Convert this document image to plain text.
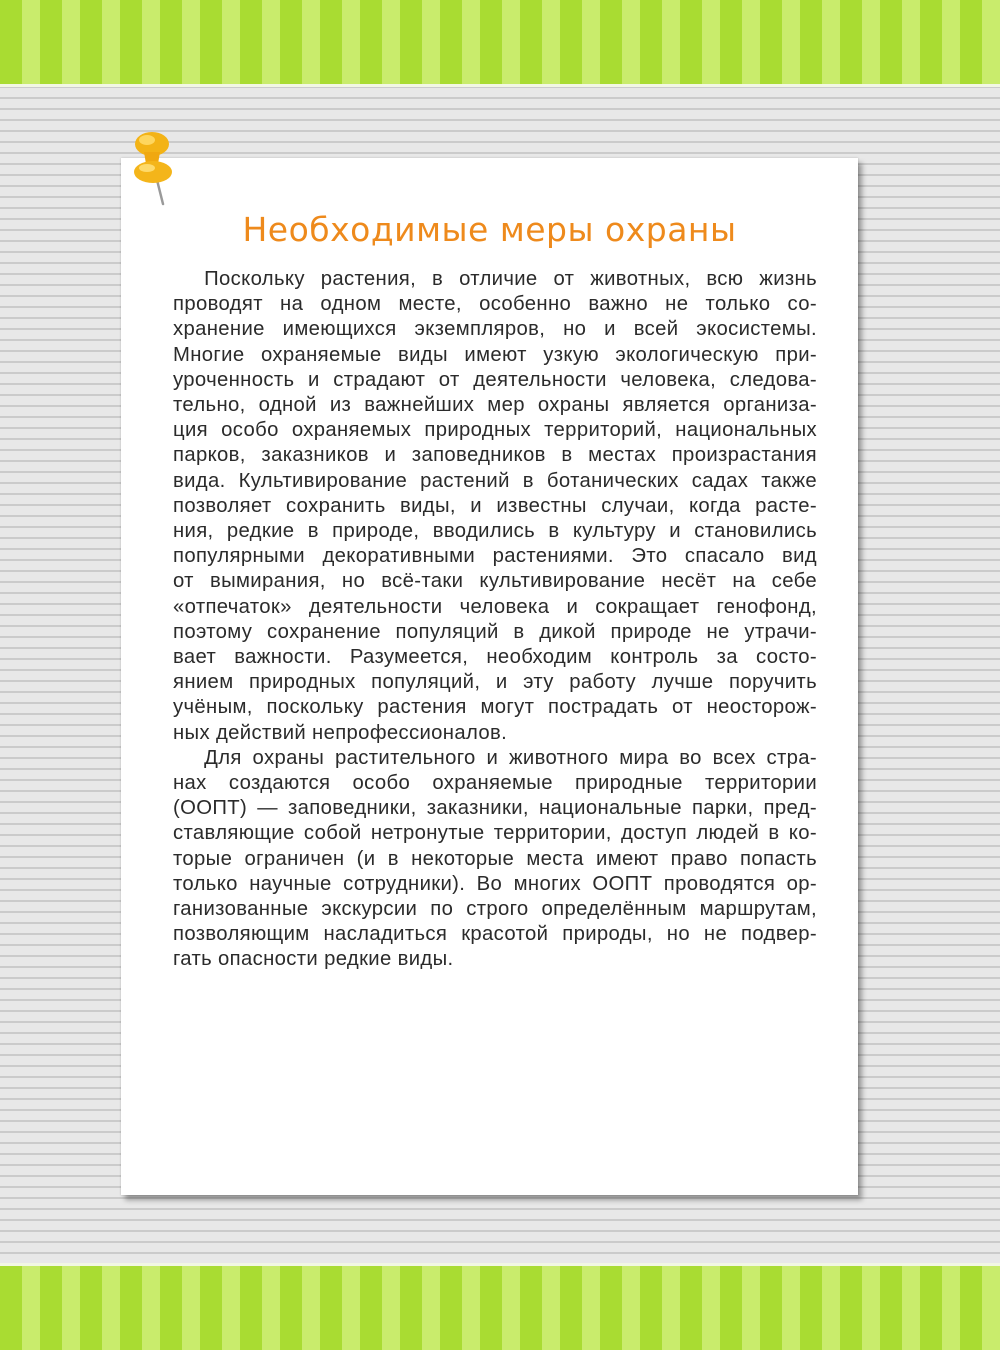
Необходимые меры охраны
  Поскольку растения, в отличие от животных, всю жизнь
проводят на одном месте, особенно важно не только со-
хранение имеющихся экземпляров, но и всей экосистемы.
Многие охраняемые виды имеют узкую экологическую при-
уроченность и страдают от деятельности человека, следова-
тельно, одной из важнейших мер охраны является организа-
ция особо охраняемых природных территорий, национальных
парков, заказников и заповедников в местах произрастания
вида. Культивирование растений в ботанических садах также
позволяет сохранить виды, и известны случаи, когда расте-
ния, редкие в природе, вводились в культуру и становились
популярными декоративными растениями. Это спасало вид
от вымирания, но всё-таки культивирование несёт на себе
«отпечаток» деятельности человека и сокращает генофонд,
поэтому сохранение популяций в дикой природе не утрачи-
вает важности. Разумеется, необходим контроль за состо-
янием природных популяций, и эту работу лучше поручить
учёным, поскольку растения могут пострадать от неосторож-
ных действий непрофессионалов.
  Для охраны растительного и животного мира во всех стра-
нах создаются особо охраняемые природные территории
(ООПТ) — заповедники, заказники, национальные парки, пред-
ставляющие собой нетронутые территории, доступ людей в ко-
торые ограничен (и в некоторые места имеют право попасть
только научные сотрудники). Во многих ООПТ проводятся ор-
ганизованные экскурсии по строго определённым маршрутам,
позволяющим насладиться красотой природы, но не подвер-
гать опасности редкие виды.
